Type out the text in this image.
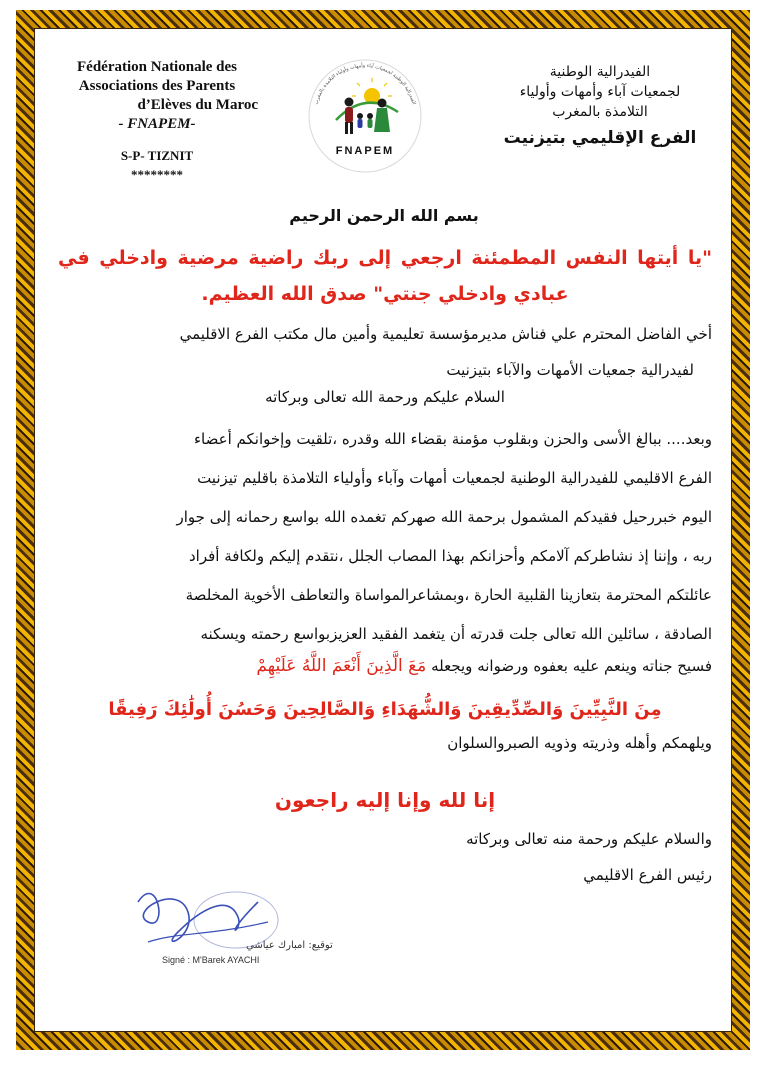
Fédération Nationale des
Associations des Parents
d’Elèves du Maroc
- FNAPEM-
S-P- TIZNIT
********
الفيدرالية الوطنية لجمعيات آباء وأمهات وأولياء التلامذة بالمغرب
FNAPEM
الفيدرالية الوطنية
لجمعيات آباء وأمهات وأولياء
التلامذة بالمغرب
الفرع الإقليمي بتيزنيت
بسم الله الرحمن الرحيم
"يا أيتها النفس المطمئنة ارجعي إلى ربك راضية مرضية وادخلي في عبادي وادخلي جنتي" صدق الله العظيم.
أخي الفاضل المحترم علي فناش مديرمؤسسة تعليمية وأمين مال مكتب الفرع الاقليمي
لفيدرالية جمعيات الأمهات والآباء بتيزنيت
السلام عليكم ورحمة الله تعالى وبركاته
وبعد.... ببالغ الأسى والحزن وبقلوب مؤمنة بقضاء الله وقدره ،تلقيت وإخوانكم أعضاء
الفرع الاقليمي للفيدرالية الوطنية لجمعيات أمهات وآباء وأولياء التلامذة باقليم تيزنيت
اليوم خبررحيل فقيدكم المشمول برحمة الله صهركم تغمده الله بواسع رحمانه إلى جوار
ربه ، وإننا إذ نشاطركم آلامكم وأحزانكم بهذا المصاب الجلل ،نتقدم إليكم ولكافة أفراد
عائلتكم المحترمة بتعازينا القلبية الحارة ،وبمشاعرالمواساة والتعاطف الأخوية المخلصة
الصادقة ، سائلين الله تعالى جلت قدرته أن يتغمد الفقيد العزيزبواسع رحمته ويسكنه
فسيح جناته وينعم عليه بعفوه ورضوانه ويجعله مَعَ الَّذِينَ أَنْعَمَ اللَّهُ عَلَيْهِمْ
مِنَ النَّبِيِّينَ وَالصِّدِّيقِينَ وَالشُّهَدَاءِ وَالصَّالِحِينَ وَحَسُنَ أُولَٰئِكَ رَفِيقًا
ويلهمكم وأهله وذريته وذويه الصبروالسلوان
إنا لله وإنا إليه راجعون
والسلام عليكم ورحمة منه تعالى وبركاته
رئيس الفرع الاقليمي
توقيع: امبارك عياشي
Signé : M'Barek AYACHI
